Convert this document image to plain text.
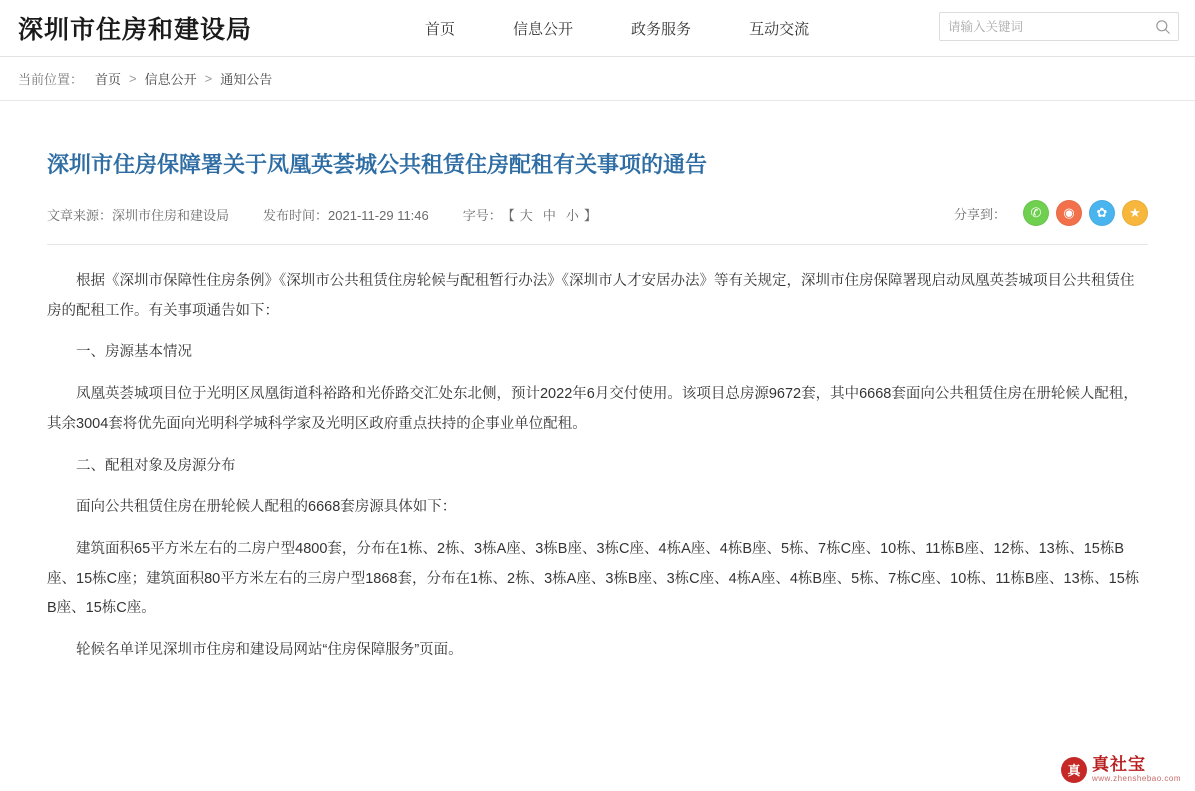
深圳市住房和建设局	首页	信息公开	政务服务	互动交流
请输入关键词
当前位置： 首页 > 信息公开 > 通知公告
深圳市住房保障署关于凤凰英荟城公共租赁住房配租有关事项的通告
文章来源：深圳市住房和建设局	发布时间：2021-11-29 11:46	字号： 【 大 中 小 】	分享到：	✆	◉	✿	★

根据《深圳市保障性住房条例》《深圳市公共租赁住房轮候与配租暂行办法》《深圳市人才安居办法》等有关规定，深圳市住房保障署现启动凤凰英荟城项目公共租赁住房的配租工作。有关事项通告如下：

一、房源基本情况

凤凰英荟城项目位于光明区凤凰街道科裕路和光侨路交汇处东北侧，预计2022年6月交付使用。该项目总房源9672套，其中6668套面向公共租赁住房在册轮候人配租，其余3004套将优先面向光明科学城科学家及光明区政府重点扶持的企事业单位配租。

二、配租对象及房源分布

面向公共租赁住房在册轮候人配租的6668套房源具体如下：

建筑面积65平方米左右的二房户型4800套，分布在1栋、2栋、3栋A座、3栋B座、3栋C座、4栋A座、4栋B座、5栋、7栋C座、10栋、11栋B座、12栋、13栋、15栋B座、15栋C座；建筑面积80平方米左右的三房户型1868套，分布在1栋、2栋、3栋A座、3栋B座、3栋C座、4栋A座、4栋B座、5栋、7栋C座、10栋、11栋B座、13栋、15栋B座、15栋C座。

轮候名单详见深圳市住房和建设局网站“住房保障服务”页面。

真 真社宝
www.zhenshebao.com
